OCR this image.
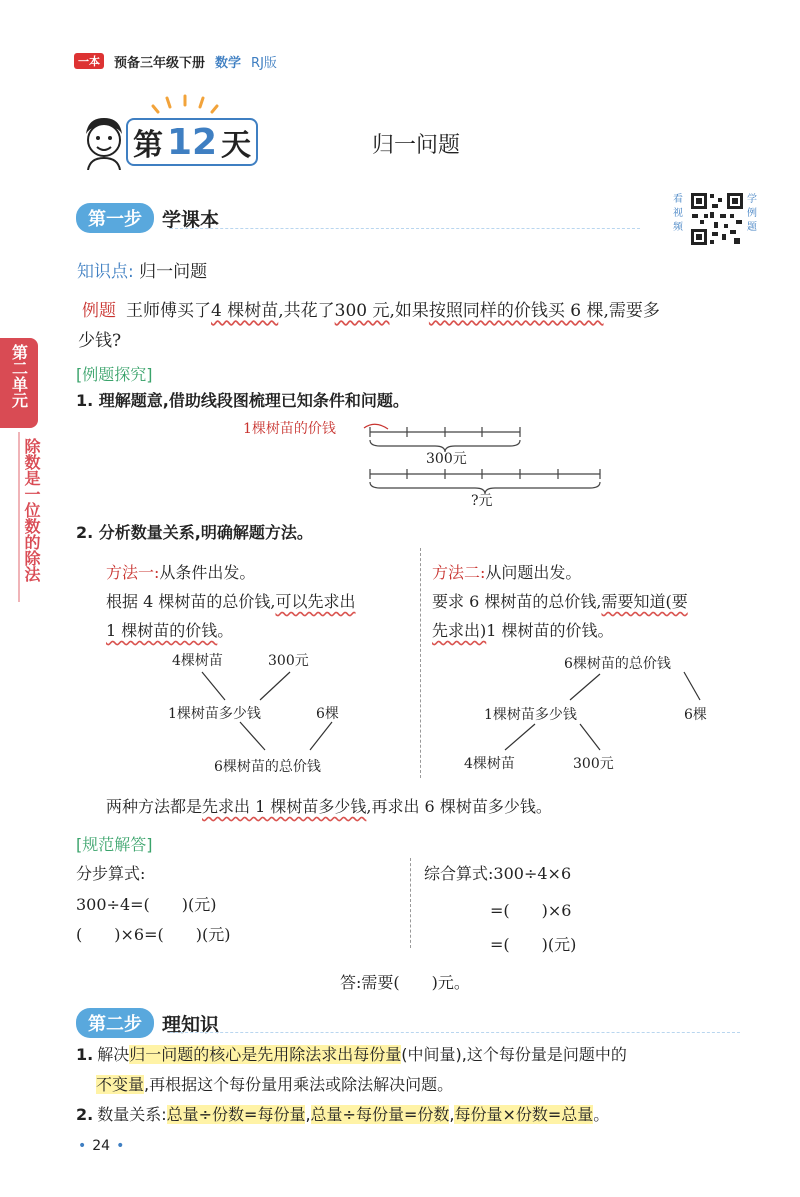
一本	预备三年级下册 数学 RJ版
第 12 天	归一问题
第一步	学课本
看视频
学例题
知识点: 归一问题
例题 王师傅买了4 棵树苗,共花了300 元,如果按照同样的价钱买 6 棵,需要多
少钱?
第二单元
除数是一位数的除法
[例题探究]
1. 理解题意,借助线段图梳理已知条件和问题。
1棵树苗的价钱
300元
?元
2. 分析数量关系,明确解题方法。
方法一:从条件出发。
根据 4 棵树苗的总价钱,可以先求出
1 棵树苗的价钱。
4棵树苗	300元
1棵树苗多少钱	6棵
6棵树苗的总价钱
方法二:从问题出发。
要求 6 棵树苗的总价钱,需要知道(要
先求出)1 棵树苗的价钱。
6棵树苗的总价钱
1棵树苗多少钱	6棵
4棵树苗	300元
两种方法都是先求出 1 棵树苗多少钱,再求出 6 棵树苗多少钱。
[规范解答]
分步算式:
300÷4=(　　)(元)
(　　)×6=(　　)(元)
综合算式:300÷4×6
=(　　)×6
=(　　)(元)
答:需要(　　)元。
第二步	理知识
1. 解决归一问题的核心是先用除法求出每份量(中间量),这个每份量是问题中的
不变量,再根据这个每份量用乘法或除法解决问题。
2. 数量关系:总量÷份数=每份量,总量÷每份量=份数,每份量×份数=总量。
• 24 •
